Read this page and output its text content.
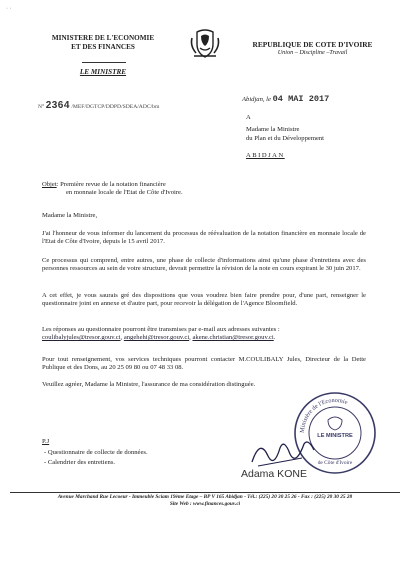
· ·
MINISTERE DE L'ECONOMIE
ET DES FINANCES
LE MINISTRE
REPUBLIQUE DE COTE D'IVOIRE
Union – Discipline –Travail
N° 2364 /MEF/DGTCP/DDPD/SDEA/ADC/bm
Abidjan, le 04 MAI 2017
A
Madame la Ministre
du Plan et du Développement
ABIDJAN
Objet: Première revue de la notation financière
en monnaie locale de l'Etat de Côte d'Ivoire.
Madame la Ministre,
J'ai l'honneur de vous informer du lancement du processus de réévaluation de la notation financière en monnaie locale de l'Etat de Côte d'Ivoire, depuis le 15 avril 2017.
Ce processus qui comprend, entre autres, une phase de collecte d'informations ainsi qu'une phase d'entretiens avec des personnes ressources au sein de votre structure, devrait permettre la révision de la note en cours expirant le 30 juin 2017.
A cet effet, je vous saurais gré des dispositions que vous voudrez bien faire prendre pour, d'une part, renseigner le questionnaire joint en annexe et d'autre part, pour recevoir la délégation de l'Agence Bloomfield.
Les réponses au questionnaire pourront être transmises par e-mail aux adresses suivantes :
coulibalyjules@tresor.gouv.ci, angehehi@tresor.gouv.ci, akene.christian@tresor.gouv.ci.
Pour tout renseignement, vos services techniques pourront contacter M.COULIBALY Jules, Directeur de la Dette Publique et des Dons, au 20 25 09 80 ou 07 48 33 08.
Veuillez agréer, Madame la Ministre, l'assurance de ma considération distinguée.
P.J
- Questionnaire de collecte de données.
- Calendrier des entretiens.
Ministère de l'Economie
LE MINISTRE
de Côte d'Ivoire
Adama KONE
Avenue Marchand Rue Lecoeur - Immeuble Sciam 19ème Etage – BP V 165 Abidjan - Tél.: (225) 20 30 25 26 - Fax : (225) 20 30 25 28
Site Web : www.finances.gouv.ci
